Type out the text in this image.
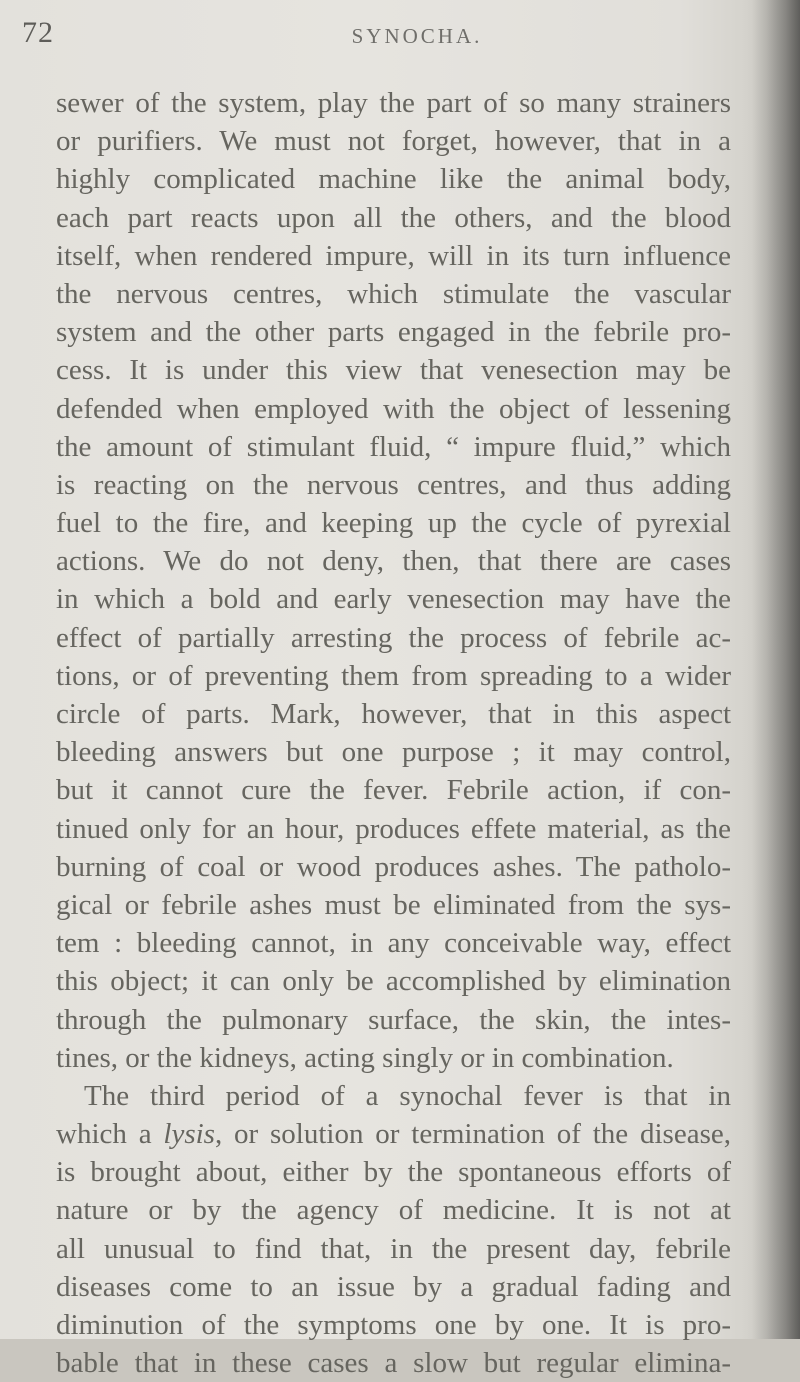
72	SYNOCHA.
sewer of the system, play the part of so many strainers
or purifiers. We must not forget, however, that in a
highly complicated machine like the animal body,
each part reacts upon all the others, and the blood
itself, when rendered impure, will in its turn influence
the nervous centres, which stimulate the vascular
system and the other parts engaged in the febrile pro-
cess. It is under this view that venesection may be
defended when employed with the object of lessening
the amount of stimulant fluid, “ impure fluid,” which
is reacting on the nervous centres, and thus adding
fuel to the fire, and keeping up the cycle of pyrexial
actions. We do not deny, then, that there are cases
in which a bold and early venesection may have the
effect of partially arresting the process of febrile ac-
tions, or of preventing them from spreading to a wider
circle of parts. Mark, however, that in this aspect
bleeding answers but one purpose ; it may control,
but it cannot cure the fever. Febrile action, if con-
tinued only for an hour, produces effete material, as the
burning of coal or wood produces ashes. The patholo-
gical or febrile ashes must be eliminated from the sys-
tem : bleeding cannot, in any conceivable way, effect
this object; it can only be accomplished by elimination
through the pulmonary surface, the skin, the intes-
tines, or the kidneys, acting singly or in combination.
The third period of a synochal fever is that in
which a lysis, or solution or termination of the disease,
is brought about, either by the spontaneous efforts of
nature or by the agency of medicine. It is not at
all unusual to find that, in the present day, febrile
diseases come to an issue by a gradual fading and
diminution of the symptoms one by one. It is pro-
bable that in these cases a slow but regular elimina-
